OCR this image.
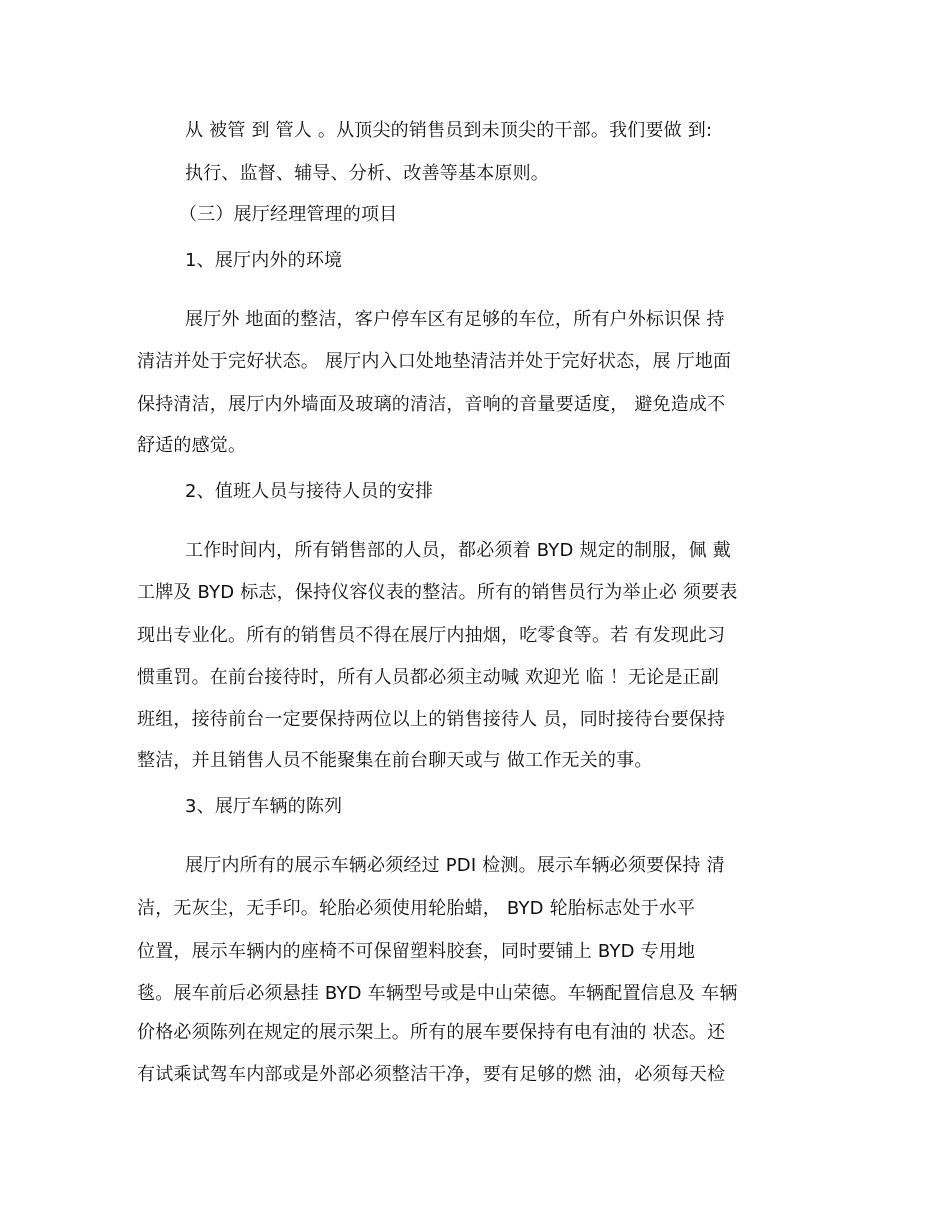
从 被管 到 管人 。从顶尖的销售员到未顶尖的干部。我们要做 到:
执行、监督、辅导、分析、改善等基本原则。
（三）展厅经理管理的项目
1、展厅内外的环境
展厅外 地面的整洁，客户停车区有足够的车位，所有户外标识保 持
清洁并处于完好状态。 展厅内入口处地垫清洁并处于完好状态，展 厅地面
保持清洁，展厅内外墙面及玻璃的清洁，音响的音量要适度， 避免造成不
舒适的感觉。
2、值班人员与接待人员的安排
工作时间内，所有销售部的人员，都必须着 BYD 规定的制服，佩 戴
工牌及 BYD 标志，保持仪容仪表的整洁。所有的销售员行为举止必 须要表
现出专业化。所有的销售员不得在展厅内抽烟，吃零食等。若 有发现此习
惯重罚。在前台接待时，所有人员都必须主动喊 欢迎光 临 ！无论是正副
班组，接待前台一定要保持两位以上的销售接待人 员，同时接待台要保持
整洁，并且销售人员不能聚集在前台聊天或与 做工作无关的事。
3、展厅车辆的陈列
展厅内所有的展示车辆必须经过 PDI 检测。展示车辆必须要保持 清
洁，无灰尘，无手印。轮胎必须使用轮胎蜡， BYD 轮胎标志处于水平
位置，展示车辆内的座椅不可保留塑料胶套，同时要铺上 BYD 专用地
毯。展车前后必须悬挂 BYD 车辆型号或是中山荣德。车辆配置信息及 车辆
价格必须陈列在规定的展示架上。所有的展车要保持有电有油的 状态。还
有试乘试驾车内部或是外部必须整洁干净，要有足够的燃 油，必须每天检
